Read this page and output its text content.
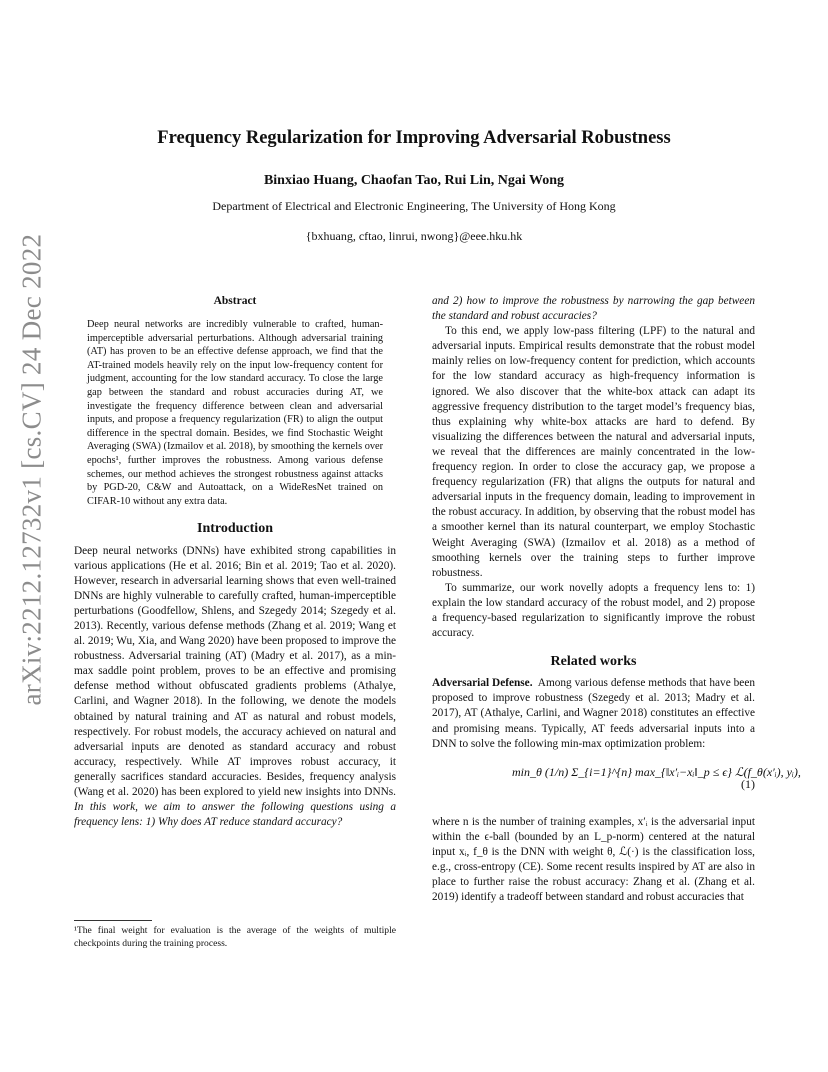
arXiv:2212.12732v1 [cs.CV] 24 Dec 2022
Frequency Regularization for Improving Adversarial Robustness
Binxiao Huang, Chaofan Tao, Rui Lin, Ngai Wong
Department of Electrical and Electronic Engineering, The University of Hong Kong
{bxhuang, cftao, linrui, nwong}@eee.hku.hk
Abstract

Deep neural networks are incredibly vulnerable to crafted, human-imperceptible adversarial perturbations. Although adversarial training (AT) has proven to be an effective defense approach, we find that the AT-trained models heavily rely on the input low-frequency content for judgment, accounting for the low standard accuracy. To close the large gap between the standard and robust accuracies during AT, we investigate the frequency difference between clean and adversarial inputs, and propose a frequency regularization (FR) to align the output difference in the spectral domain. Besides, we find Stochastic Weight Averaging (SWA) (Izmailov et al. 2018), by smoothing the kernels over epochs¹, further improves the robustness. Among various defense schemes, our method achieves the strongest robustness against attacks by PGD-20, C&W and Autoattack, on a WideResNet trained on CIFAR-10 without any extra data.

Introduction

Deep neural networks (DNNs) have exhibited strong capabilities in various applications (He et al. 2016; Bin et al. 2019; Tao et al. 2020). However, research in adversarial learning shows that even well-trained DNNs are highly vulnerable to carefully crafted, human-imperceptible perturbations (Goodfellow, Shlens, and Szegedy 2014; Szegedy et al. 2013). Recently, various defense methods (Zhang et al. 2019; Wang et al. 2019; Wu, Xia, and Wang 2020) have been proposed to improve the robustness. Adversarial training (AT) (Madry et al. 2017), as a min-max saddle point problem, proves to be an effective and promising defense method without obfuscated gradients problems (Athalye, Carlini, and Wagner 2018). In the following, we denote the models obtained by natural training and AT as natural and robust models, respectively. For robust models, the accuracy achieved on natural and adversarial inputs are denoted as standard accuracy and robust accuracy, respectively. While AT improves robust accuracy, it generally sacrifices standard accuracies. Besides, frequency analysis (Wang et al. 2020) has been explored to yield new insights into DNNs. In this work, we aim to answer the following questions using a frequency lens: 1) Why does AT reduce standard accuracy?

and 2) how to improve the robustness by narrowing the gap between the standard and robust accuracies?

To this end, we apply low-pass filtering (LPF) to the natural and adversarial inputs. Empirical results demonstrate that the robust model mainly relies on low-frequency content for prediction, which accounts for the low standard accuracy as high-frequency information is ignored. We also discover that the white-box attack can adapt its aggressive frequency distribution to the target model’s frequency bias, thus explaining why white-box attacks are hard to defend. By visualizing the differences between the natural and adversarial inputs, we reveal that the differences are mainly concentrated in the low-frequency region. In order to close the accuracy gap, we propose a frequency regularization (FR) that aligns the outputs for natural and adversarial inputs in the frequency domain, leading to improvement in the robust accuracy. In addition, by observing that the robust model has a smoother kernel than its natural counterpart, we employ Stochastic Weight Averaging (SWA) (Izmailov et al. 2018) as a method of smoothing kernels over the training steps to further improve robustness.

To summarize, our work novelly adopts a frequency lens to: 1) explain the low standard accuracy of the robust model, and 2) propose a frequency-based regularization to significantly improve the robust accuracy.

Related works

Adversarial Defense. Among various defense methods that have been proposed to improve robustness (Szegedy et al. 2013; Madry et al. 2017), AT (Athalye, Carlini, and Wagner 2018) constitutes an effective and promising means. Typically, AT feeds adversarial inputs into a DNN to solve the following min-max optimization problem:

min_θ (1/n) Σ_{i=1}^{n} max_{‖x′ᵢ−xᵢ‖_p ≤ ϵ} ℒ(f_θ(x′ᵢ), yᵢ),
(1)

where n is the number of training examples, x′ᵢ is the adversarial input within the ϵ-ball (bounded by an L_p-norm) centered at the natural input xᵢ, f_θ is the DNN with weight θ, ℒ(·) is the classification loss, e.g., cross-entropy (CE). Some recent results inspired by AT are also in place to further raise the robust accuracy: Zhang et al. (Zhang et al. 2019) identify a tradeoff between standard and robust accuracies that

¹The final weight for evaluation is the average of the weights of multiple checkpoints during the training process.
